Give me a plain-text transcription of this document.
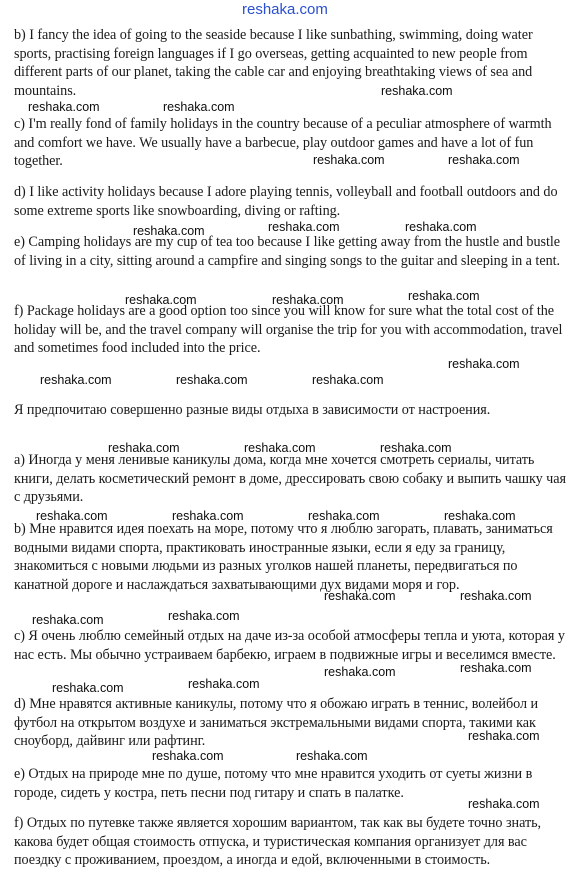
b) I fancy the idea of going to the seaside because I like sunbathing, swimming, doing water sports, practising foreign languages if I go overseas, getting acquainted to new people from different parts of our planet, taking the cable car and enjoying breathtaking views of sea and mountains.

c) I'm really fond of family holidays in the country because of a peculiar atmosphere of warmth and comfort we have. We usually have a barbecue, play outdoor games and have a lot of fun together.

d) I like activity holidays because I adore playing tennis, volleyball and football outdoors and do some extreme sports like snowboarding, diving or rafting.

e) Camping holidays are my cup of tea too because I like getting away from the hustle and bustle of living in a city, sitting around a campfire and singing songs to the guitar and sleeping in a tent.

f) Package holidays are a good option too since you will know for sure what the total cost of the holiday will be, and the travel company will organise the trip for you with accommodation, travel and sometimes food included into the price.

Я предпочитаю совершенно разные виды отдыха в зависимости от настроения.

а) Иногда у меня ленивые каникулы дома, когда мне хочется смотреть сериалы, читать книги, делать косметический ремонт в доме, дрессировать свою собаку и выпить чашку чая с друзьями.

b) Мне нравится идея поехать на море, потому что я люблю загорать, плавать, заниматься водными видами спорта, практиковать иностранные языки, если я еду за границу, знакомиться с новыми людьми из разных уголков нашей планеты, передвигаться по канатной дороге и наслаждаться захватывающими дух видами моря и гор.

с) Я очень люблю семейный отдых на даче из-за особой атмосферы тепла и уюта, которая у нас есть. Мы обычно устраиваем барбекю, играем в подвижные игры и веселимся вместе.

d) Мне нравятся активные каникулы, потому что я обожаю играть в теннис, волейбол и футбол на открытом воздухе и заниматься экстремальными видами спорта, такими как сноуборд, дайвинг или рафтинг.

е) Отдых на природе мне по душе, потому что мне нравится уходить от суеты жизни в городе, сидеть у костра, петь песни под гитару и спать в палатке.

f) Отдых по путевке также является хорошим вариантом, так как вы будете точно знать, какова будет общая стоимость отпуска, и туристическая компания организует для вас поездку с проживанием, проездом, а иногда и едой, включенными в стоимость.

reshaka.com
reshaka.com	reshaka.com
reshaka.com
reshaka.com	reshaka.com
reshaka.com	reshaka.com	reshaka.com
reshaka.com	reshaka.com	reshaka.com
reshaka.com
reshaka.com	reshaka.com	reshaka.com
reshaka.com	reshaka.com	reshaka.com
reshaka.com	reshaka.com	reshaka.com	reshaka.com
reshaka.com	reshaka.com
reshaka.com	reshaka.com
reshaka.com	reshaka.com
reshaka.com	reshaka.com
reshaka.com
reshaka.com	reshaka.com
reshaka.com
